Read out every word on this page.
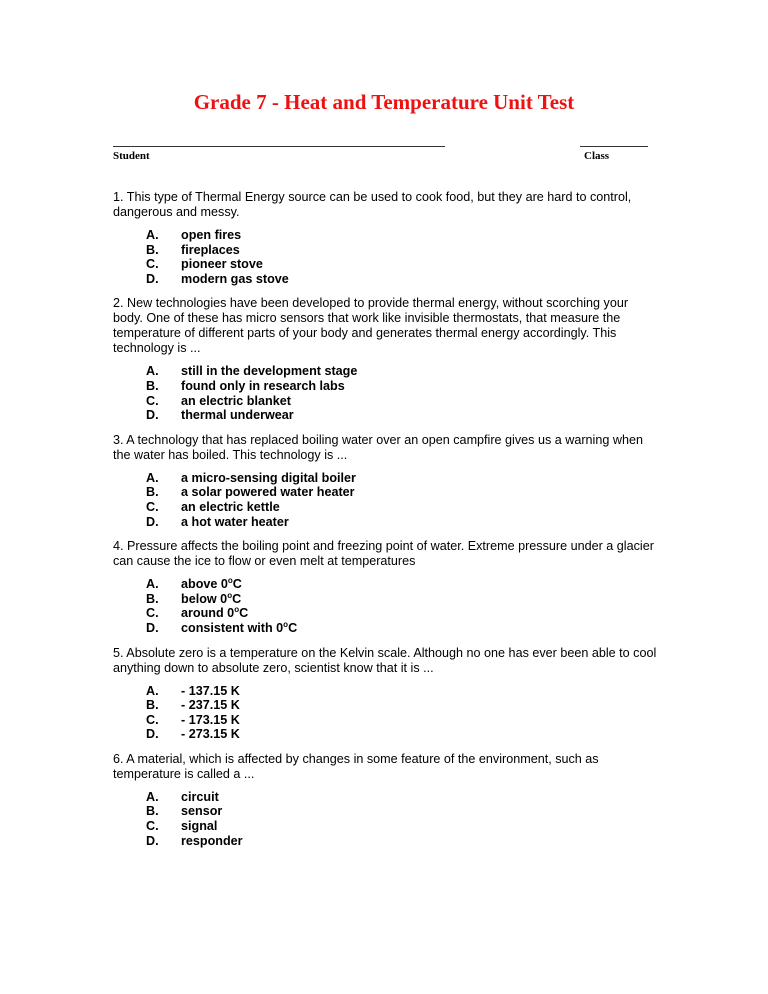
Grade 7 - Heat and Temperature Unit Test
Student	Class

1. This type of Thermal Energy source can be used to cook food, but they are hard to control, dangerous and messy.

A.	open fires
B.	fireplaces
C.	pioneer stove
D.	modern gas stove

2. New technologies have been developed to provide thermal energy, without scorching your body. One of these has micro sensors that work like invisible thermostats, that measure the temperature of different parts of your body and generates thermal energy accordingly. This technology is ...

A.	still in the development stage
B.	found only in research labs
C.	an electric blanket
D.	thermal underwear

3. A technology that has replaced boiling water over an open campfire gives us a warning when the water has boiled. This technology is ...

A.	a micro-sensing digital boiler
B.	a solar powered water heater
C.	an electric kettle
D.	a hot water heater

4. Pressure affects the boiling point and freezing point of water. Extreme pressure under a glacier can cause the ice to flow or even melt at temperatures

A.	above 0$^o$C
B.	below 0$^o$C
C.	around 0$^o$C
D.	consistent with 0$^o$C

5. Absolute zero is a temperature on the Kelvin scale. Although no one has ever been able to cool anything down to absolute zero, scientist know that it is ...

A.	- 137.15 K
B.	- 237.15 K
C.	- 173.15 K
D.	- 273.15 K

6. A material, which is affected by changes in some feature of the environment, such as temperature is called a ...

A.	circuit
B.	sensor
C.	signal
D.	responder
